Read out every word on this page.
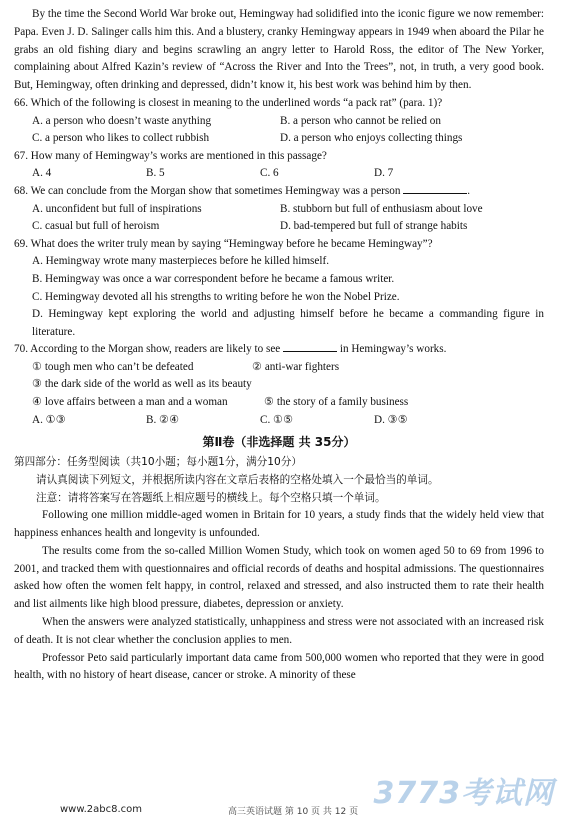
By the time the Second World War broke out, Hemingway had solidified into the iconic figure we now remember: Papa. Even J. D. Salinger calls him this. And a blustery, cranky Hemingway appears in 1949 when aboard the Pilar he grabs an old fishing diary and begins scrawling an angry letter to Harold Ross, the editor of The New Yorker, complaining about Alfred Kazin’s review of “Across the River and Into the Trees”, not, in truth, a very good book. But, Hemingway, often drinking and depressed, didn’t know it, his best work was behind him by then.

66. Which of the following is closest in meaning to the underlined words “a pack rat” (para. 1)?

A. a person who doesn’t waste anything	B. a person who cannot be relied on
C. a person who likes to collect rubbish	D. a person who enjoys collecting things

67. How many of Hemingway’s works are mentioned in this passage?

A. 4	B. 5	C. 6	D. 7

68. We can conclude from the Morgan show that sometimes Hemingway was a person	.

A. unconfident but full of inspirations	B. stubborn but full of enthusiasm about love
C. casual but full of heroism	D. bad-tempered but full of strange habits

69. What does the writer truly mean by saying “Hemingway before he became Hemingway”?

A. Hemingway wrote many masterpieces before he killed himself.

B. Hemingway was once a war correspondent before he became a famous writer.

C. Hemingway devoted all his strengths to writing before he won the Nobel Prize.

D. Hemingway kept exploring the world and adjusting himself before he became a commanding figure in literature.

70. According to the Morgan show, readers are likely to see	in Hemingway’s works.

① tough men who can’t be defeated	② anti-war fighters

③ the dark side of the world as well as its beauty

④ love affairs between a man and a woman	⑤ the story of a family business
A. ①③	B. ②④	C. ①⑤	D. ③⑤
第Ⅱ卷（非选择题 共 35分）

第四部分：任务型阅读（共10小题；每小题1分，满分10分）

请认真阅读下列短文，并根据所读内容在文章后表格的空格处填入一个最恰当的单词。

注意：请将答案写在答题纸上相应题号的横线上。每个空格只填一个单词。

Following one million middle-aged women in Britain for 10 years, a study finds that the widely held view that happiness enhances health and longevity is unfounded.

The results come from the so-called Million Women Study, which took on women aged 50 to 69 from 1996 to 2001, and tracked them with questionnaires and official records of deaths and hospital admissions. The questionnaires asked how often the women felt happy, in control, relaxed and stressed, and also instructed them to rate their health and list ailments like high blood pressure, diabetes, depression or anxiety.

When the answers were analyzed statistically, unhappiness and stress were not associated with an increased risk of death. It is not clear whether the conclusion applies to men.

Professor Peto said particularly important data came from 500,000 women who reported that they were in good health, with no history of heart disease, cancer or stroke. A minority of these

www.2abc8.com	高三英语试题 第 10 页 共 12 页
3773考试网
